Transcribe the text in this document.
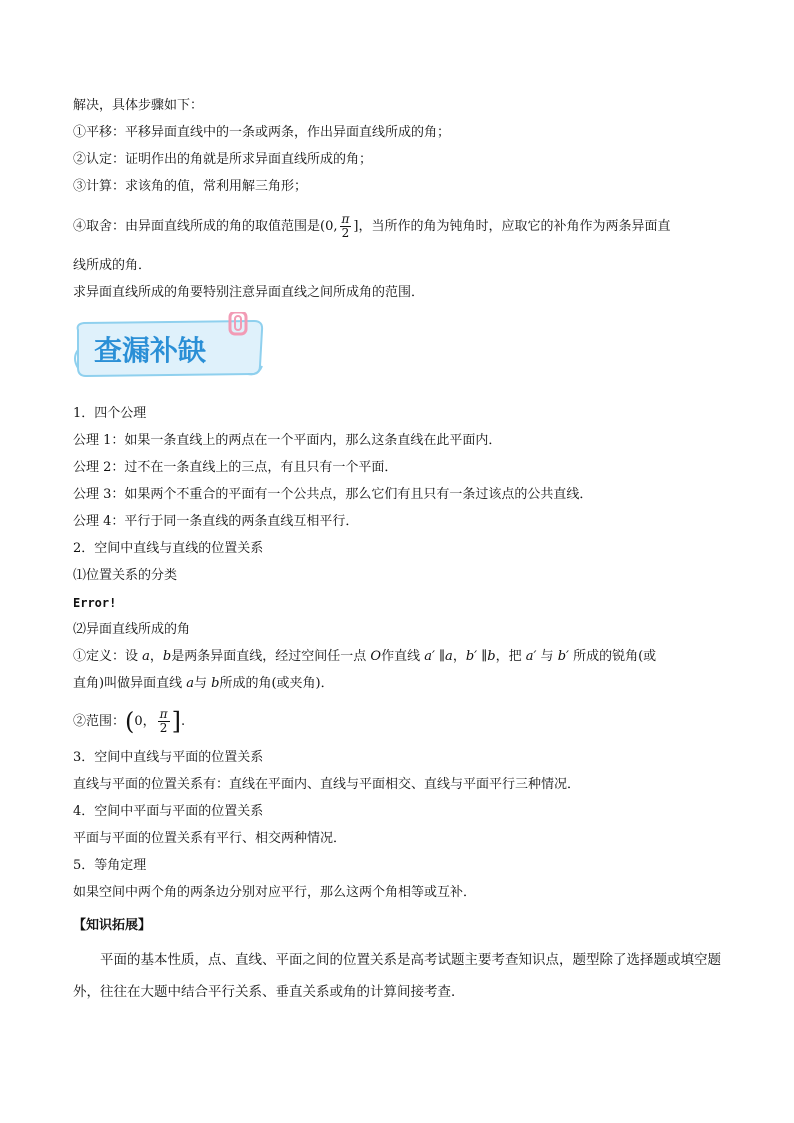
解决，具体步骤如下：
①平移：平移异面直线中的一条或两条，作出异面直线所成的角；
②认定：证明作出的角就是所求异面直线所成的角；
③计算：求该角的值，常利用解三角形；
④取舍：由异面直线所成的角的取值范围是(0, $\frac{\pi}{2}$ ]，当所作的角为钝角时，应取它的补角作为两条异面直
线所成的角．
求异面直线所成的角要特别注意异面直线之间所成角的范围．
查漏补缺
1．四个公理
公理 1：如果一条直线上的两点在一个平面内，那么这条直线在此平面内．
公理 2：过不在一条直线上的三点，有且只有一个平面．
公理 3：如果两个不重合的平面有一个公共点，那么它们有且只有一条过该点的公共直线．
公理 4：平行于同一条直线的两条直线互相平行．
2．空间中直线与直线的位置关系
⑴位置关系的分类
Error!
⑵异面直线所成的角
①定义：设 a，b是两条异面直线，经过空间任一点 O作直线 a′ ∥a，b′ ∥b，把 a′ 与 b′ 所成的锐角(或
直角)叫做异面直线 a与 b所成的角(或夹角)．
②范围：(0， $\frac{\pi}{2}$ ].
3．空间中直线与平面的位置关系
直线与平面的位置关系有：直线在平面内、直线与平面相交、直线与平面平行三种情况．
4．空间中平面与平面的位置关系
平面与平面的位置关系有平行、相交两种情况．
5．等角定理
如果空间中两个角的两条边分别对应平行，那么这两个角相等或互补．
【知识拓展】
平面的基本性质，点、直线、平面之间的位置关系是高考试题主要考查知识点，题型除了选择题或填空题外，往往在大题中结合平行关系、垂直关系或角的计算间接考查．
